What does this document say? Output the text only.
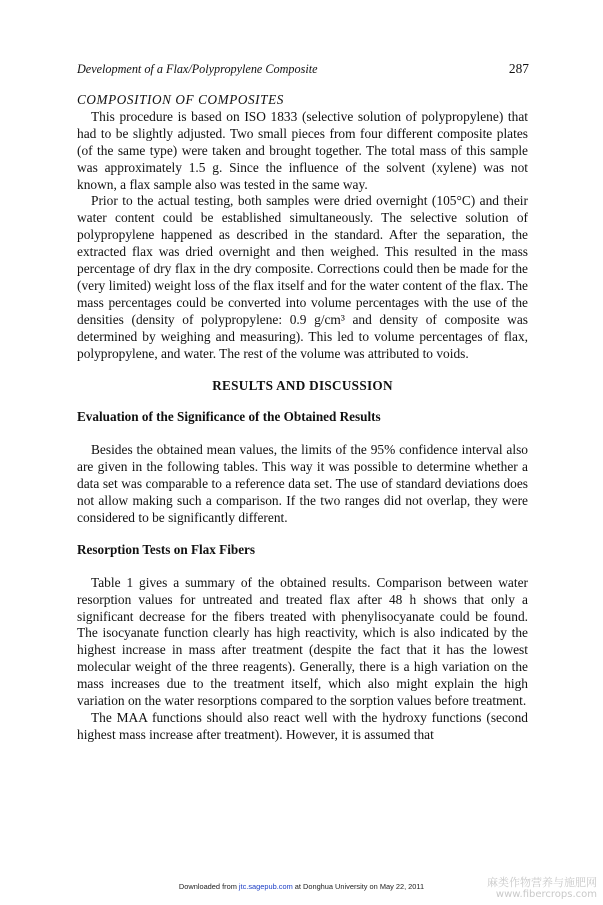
Development of a Flax/Polypropylene Composite	287
COMPOSITION OF COMPOSITES

This procedure is based on ISO 1833 (selective solution of polypropylene) that had to be slightly adjusted. Two small pieces from four different composite plates (of the same type) were taken and brought together. The total mass of this sample was approximately 1.5 g. Since the influence of the solvent (xylene) was not known, a flax sample also was tested in the same way.

Prior to the actual testing, both samples were dried overnight (105°C) and their water content could be established simultaneously. The selective solution of polypropylene happened as described in the standard. After the separation, the extracted flax was dried overnight and then weighed. This resulted in the mass percentage of dry flax in the dry composite. Corrections could then be made for the (very limited) weight loss of the flax itself and for the water content of the flax. The mass percentages could be converted into volume percentages with the use of the densities (density of polypropylene: 0.9 g/cm³ and density of composite was determined by weighing and measuring). This led to volume percentages of flax, polypropylene, and water. The rest of the volume was attributed to voids.

RESULTS AND DISCUSSION
Evaluation of the Significance of the Obtained Results

Besides the obtained mean values, the limits of the 95% confidence interval also are given in the following tables. This way it was possible to determine whether a data set was comparable to a reference data set. The use of standard deviations does not allow making such a comparison. If the two ranges did not overlap, they were considered to be significantly different.

Resorption Tests on Flax Fibers

Table 1 gives a summary of the obtained results. Comparison between water resorption values for untreated and treated flax after 48 h shows that only a significant decrease for the fibers treated with phenylisocyanate could be found. The isocyanate function clearly has high reactivity, which is also indicated by the highest increase in mass after treatment (despite the fact that it has the lowest molecular weight of the three reagents). Generally, there is a high variation on the mass increases due to the treatment itself, which also might explain the high variation on the water resorptions compared to the sorption values before treatment.

The MAA functions should also react well with the hydroxy functions (second highest mass increase after treatment). However, it is assumed that

Downloaded from jtc.sagepub.com at Donghua University on May 22, 2011	麻类作物营养与施肥网
www.fibercrops.com
